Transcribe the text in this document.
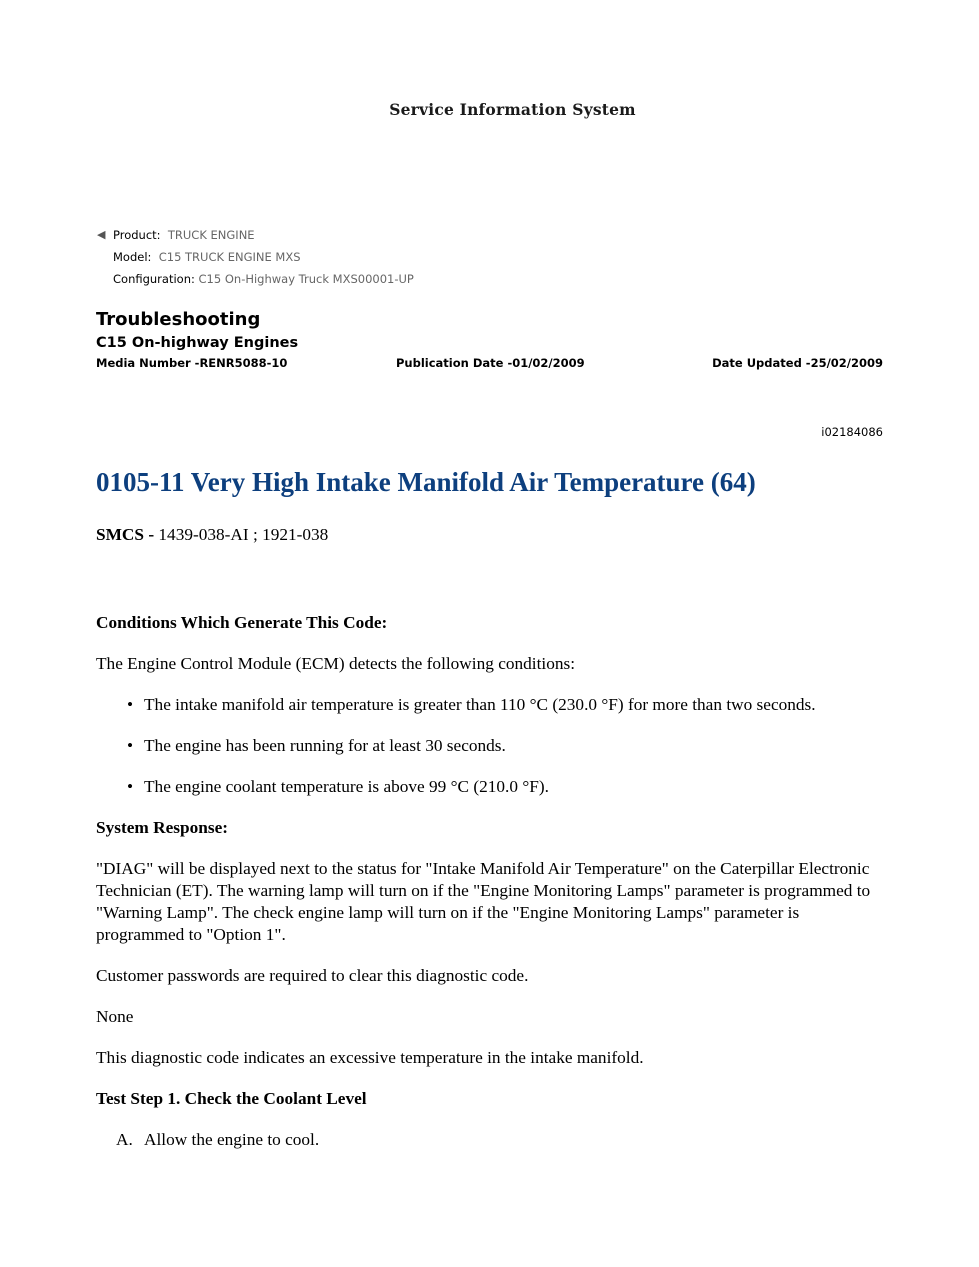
Service Information System
◀ Product: TRUCK ENGINE
Model: C15 TRUCK ENGINE MXS
Configuration: C15 On-Highway Truck MXS00001-UP
Troubleshooting
C15 On-highway Engines
Media Number -RENR5088-10	Publication Date -01/02/2009	Date Updated -25/02/2009
i02184086
0105-11 Very High Intake Manifold Air Temperature (64)

SMCS - 1439-038-AI ; 1921-038

Conditions Which Generate This Code:

The Engine Control Module (ECM) detects the following conditions:

• The intake manifold air temperature is greater than 110 °C (230.0 °F) for more than two seconds.
• The engine has been running for at least 30 seconds.
• The engine coolant temperature is above 99 °C (210.0 °F).

System Response:

"DIAG" will be displayed next to the status for "Intake Manifold Air Temperature" on the Caterpillar Electronic Technician (ET). The warning lamp will turn on if the "Engine Monitoring Lamps" parameter is programmed to "Warning Lamp". The check engine lamp will turn on if the "Engine Monitoring Lamps" parameter is programmed to "Option 1".

Customer passwords are required to clear this diagnostic code.

None

This diagnostic code indicates an excessive temperature in the intake manifold.

Test Step 1. Check the Coolant Level

A. Allow the engine to cool.
